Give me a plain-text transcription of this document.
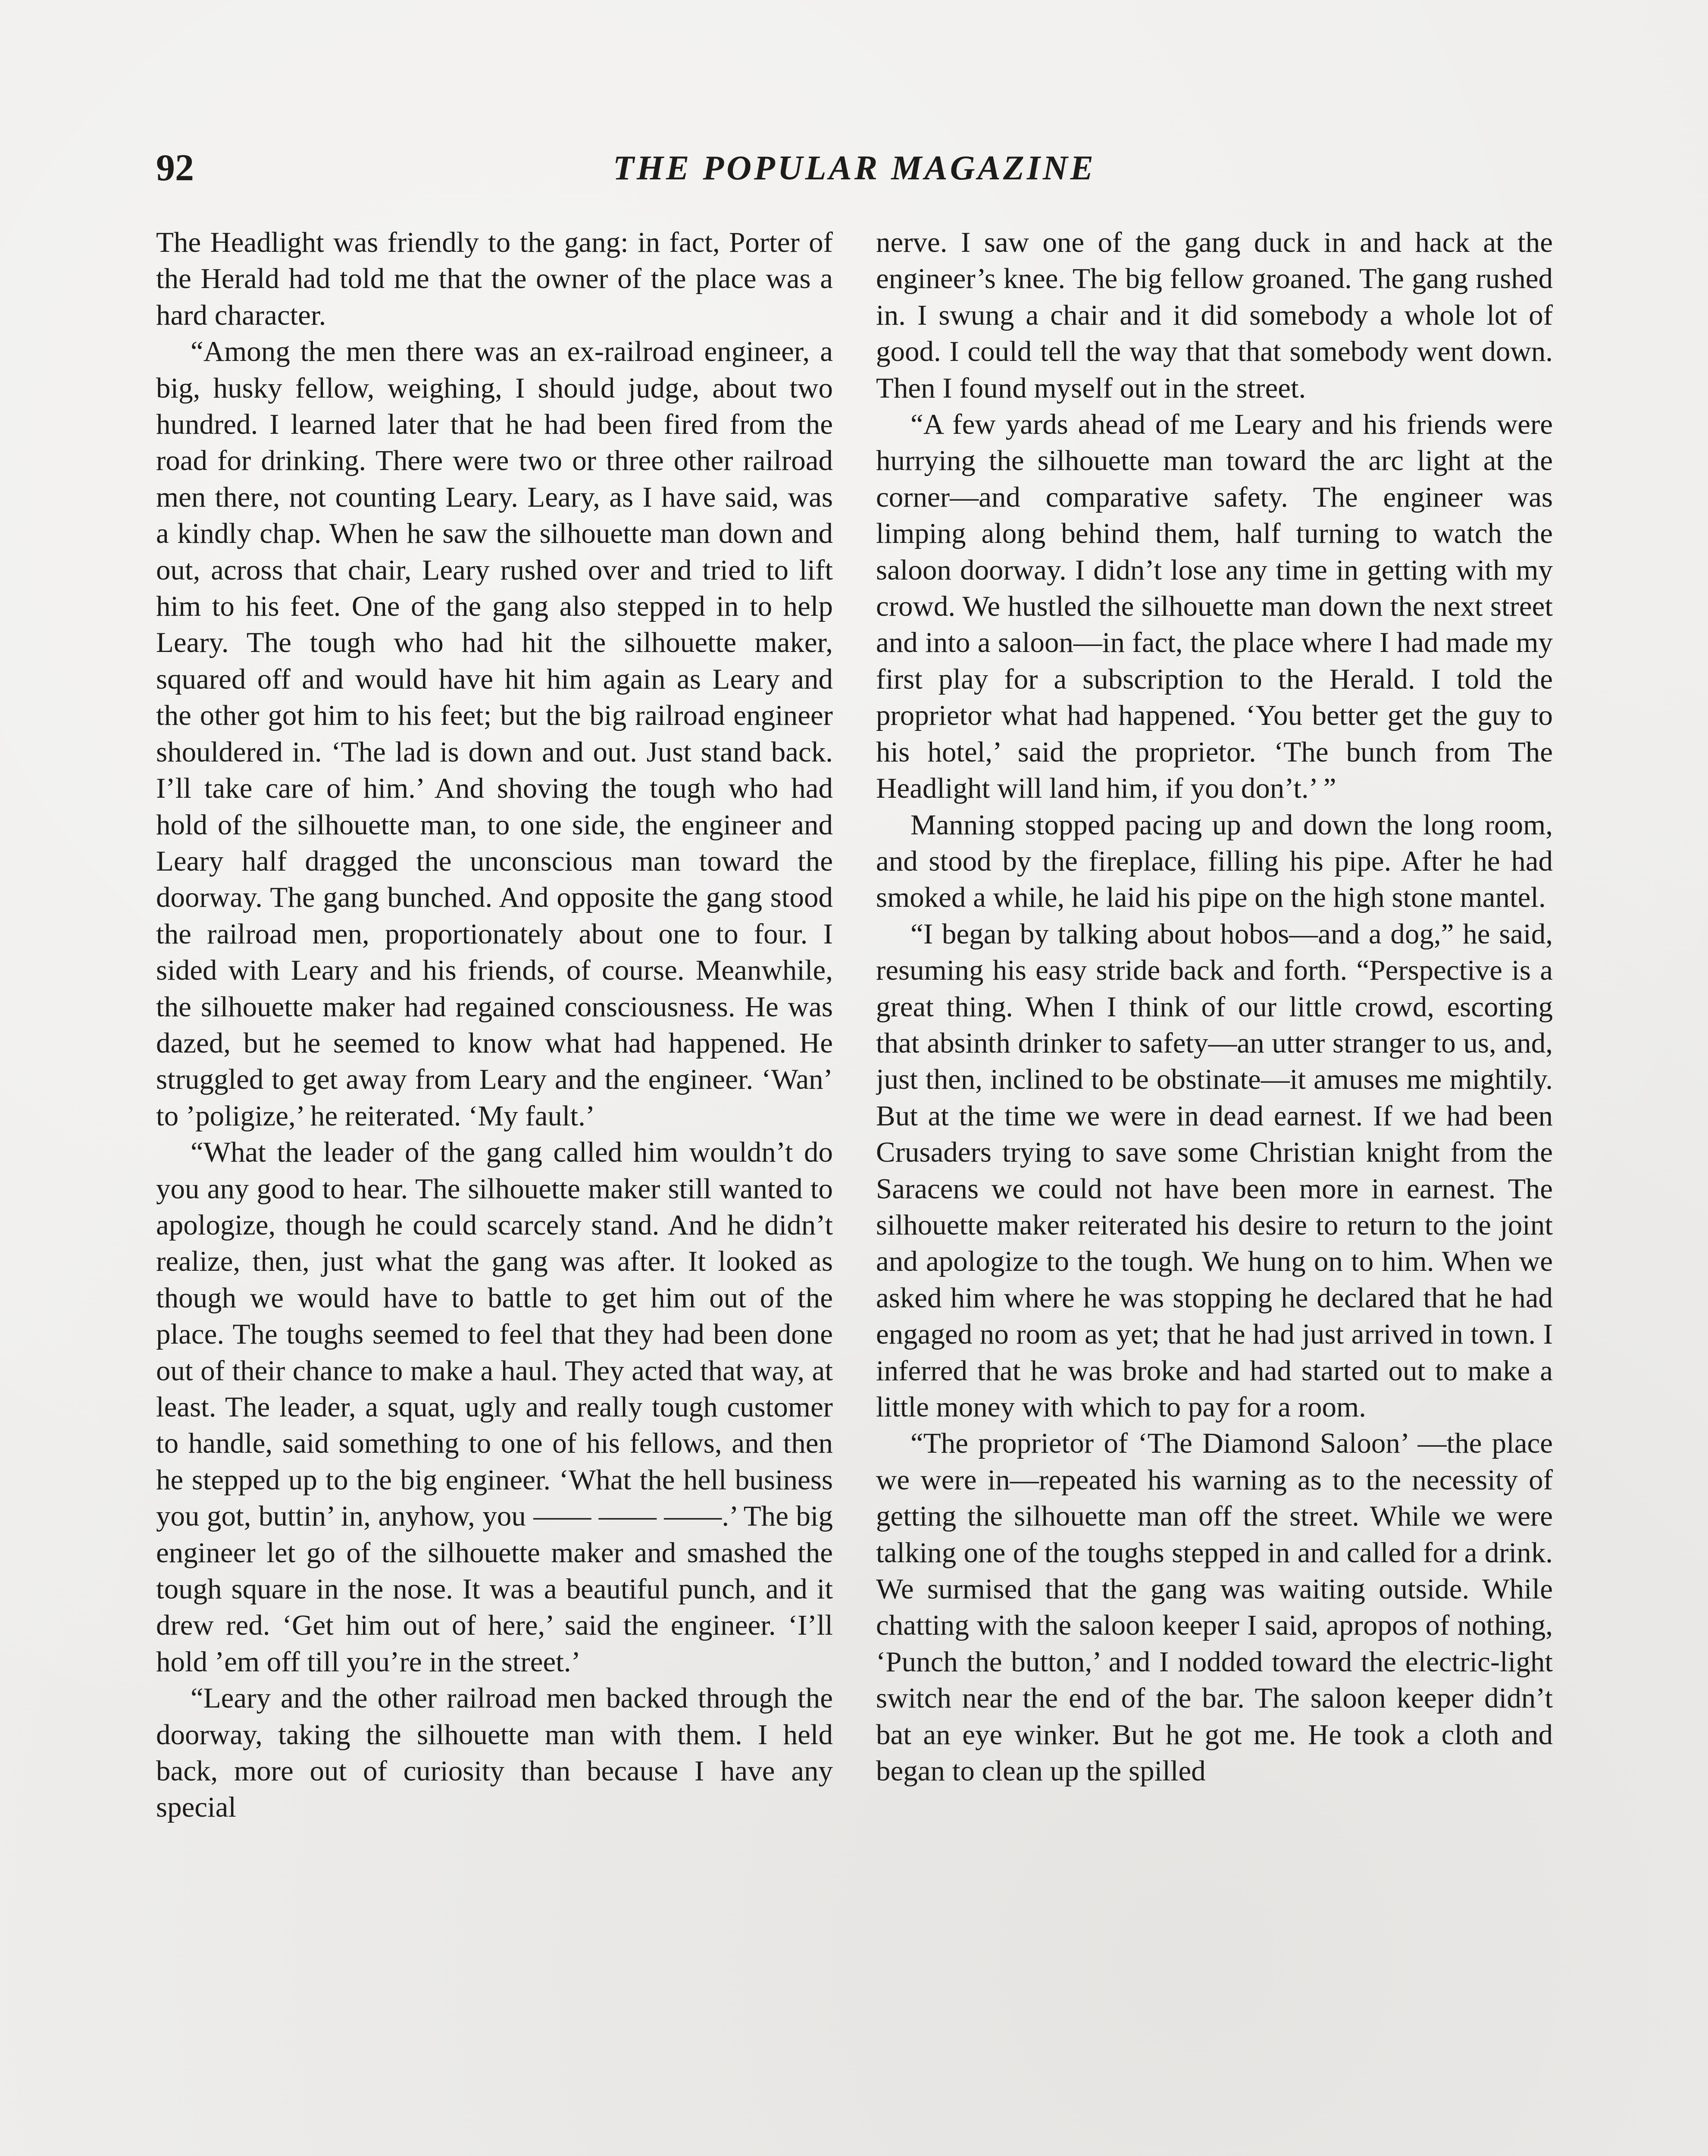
92	THE POPULAR MAGAZINE

The Headlight was friendly to the gang: in fact, Porter of the Herald had told me that the owner of the place was a hard character.

“Among the men there was an ex-railroad engineer, a big, husky fellow, weighing, I should judge, about two hundred. I learned later that he had been fired from the road for drinking. There were two or three other railroad men there, not counting Leary. Leary, as I have said, was a kindly chap. When he saw the silhouette man down and out, across that chair, Leary rushed over and tried to lift him to his feet. One of the gang also stepped in to help Leary. The tough who had hit the silhouette maker, squared off and would have hit him again as Leary and the other got him to his feet; but the big railroad engineer shouldered in. ‘The lad is down and out. Just stand back. I’ll take care of him.’ And shoving the tough who had hold of the silhouette man, to one side, the engineer and Leary half dragged the unconscious man toward the doorway. The gang bunched. And opposite the gang stood the railroad men, proportionately about one to four. I sided with Leary and his friends, of course. Meanwhile, the silhouette maker had regained consciousness. He was dazed, but he seemed to know what had happened. He struggled to get away from Leary and the engineer. ‘Wan’ to ’poligize,’ he reiterated. ‘My fault.’

“What the leader of the gang called him wouldn’t do you any good to hear. The silhouette maker still wanted to apologize, though he could scarcely stand. And he didn’t realize, then, just what the gang was after. It looked as though we would have to battle to get him out of the place. The toughs seemed to feel that they had been done out of their chance to make a haul. They acted that way, at least. The leader, a squat, ugly and really tough customer to handle, said something to one of his fellows, and then he stepped up to the big engineer. ‘What the hell business you got, buttin’ in, anyhow, you —— —— ——.’ The big engineer let go of the silhouette maker and smashed the tough square in the nose. It was a beautiful punch, and it drew red. ‘Get him out of here,’ said the engineer. ‘I’ll hold ’em off till you’re in the street.’

“Leary and the other railroad men backed through the doorway, taking the silhouette man with them. I held back, more out of curiosity than because I have any special

nerve. I saw one of the gang duck in and hack at the engineer’s knee. The big fellow groaned. The gang rushed in. I swung a chair and it did somebody a whole lot of good. I could tell the way that that somebody went down. Then I found myself out in the street.

“A few yards ahead of me Leary and his friends were hurrying the silhouette man toward the arc light at the corner—and comparative safety. The engineer was limping along behind them, half turning to watch the saloon doorway. I didn’t lose any time in getting with my crowd. We hustled the silhouette man down the next street and into a saloon—in fact, the place where I had made my first play for a subscription to the Herald. I told the proprietor what had happened. ‘You better get the guy to his hotel,’ said the proprietor. ‘The bunch from The Headlight will land him, if you don’t.’ ”

Manning stopped pacing up and down the long room, and stood by the fireplace, filling his pipe. After he had smoked a while, he laid his pipe on the high stone mantel.

“I began by talking about hobos—and a dog,” he said, resuming his easy stride back and forth. “Perspective is a great thing. When I think of our little crowd, escorting that absinth drinker to safety—an utter stranger to us, and, just then, inclined to be obstinate—it amuses me mightily. But at the time we were in dead earnest. If we had been Crusaders trying to save some Christian knight from the Saracens we could not have been more in earnest. The silhouette maker reiterated his desire to return to the joint and apologize to the tough. We hung on to him. When we asked him where he was stopping he declared that he had engaged no room as yet; that he had just arrived in town. I inferred that he was broke and had started out to make a little money with which to pay for a room.

“The proprietor of ‘The Diamond Saloon’ —the place we were in—repeated his warning as to the necessity of getting the silhouette man off the street. While we were talking one of the toughs stepped in and called for a drink. We surmised that the gang was waiting outside. While chatting with the saloon keeper I said, apropos of nothing, ‘Punch the button,’ and I nodded toward the electric-light switch near the end of the bar. The saloon keeper didn’t bat an eye winker. But he got me. He took a cloth and began to clean up the spilled
